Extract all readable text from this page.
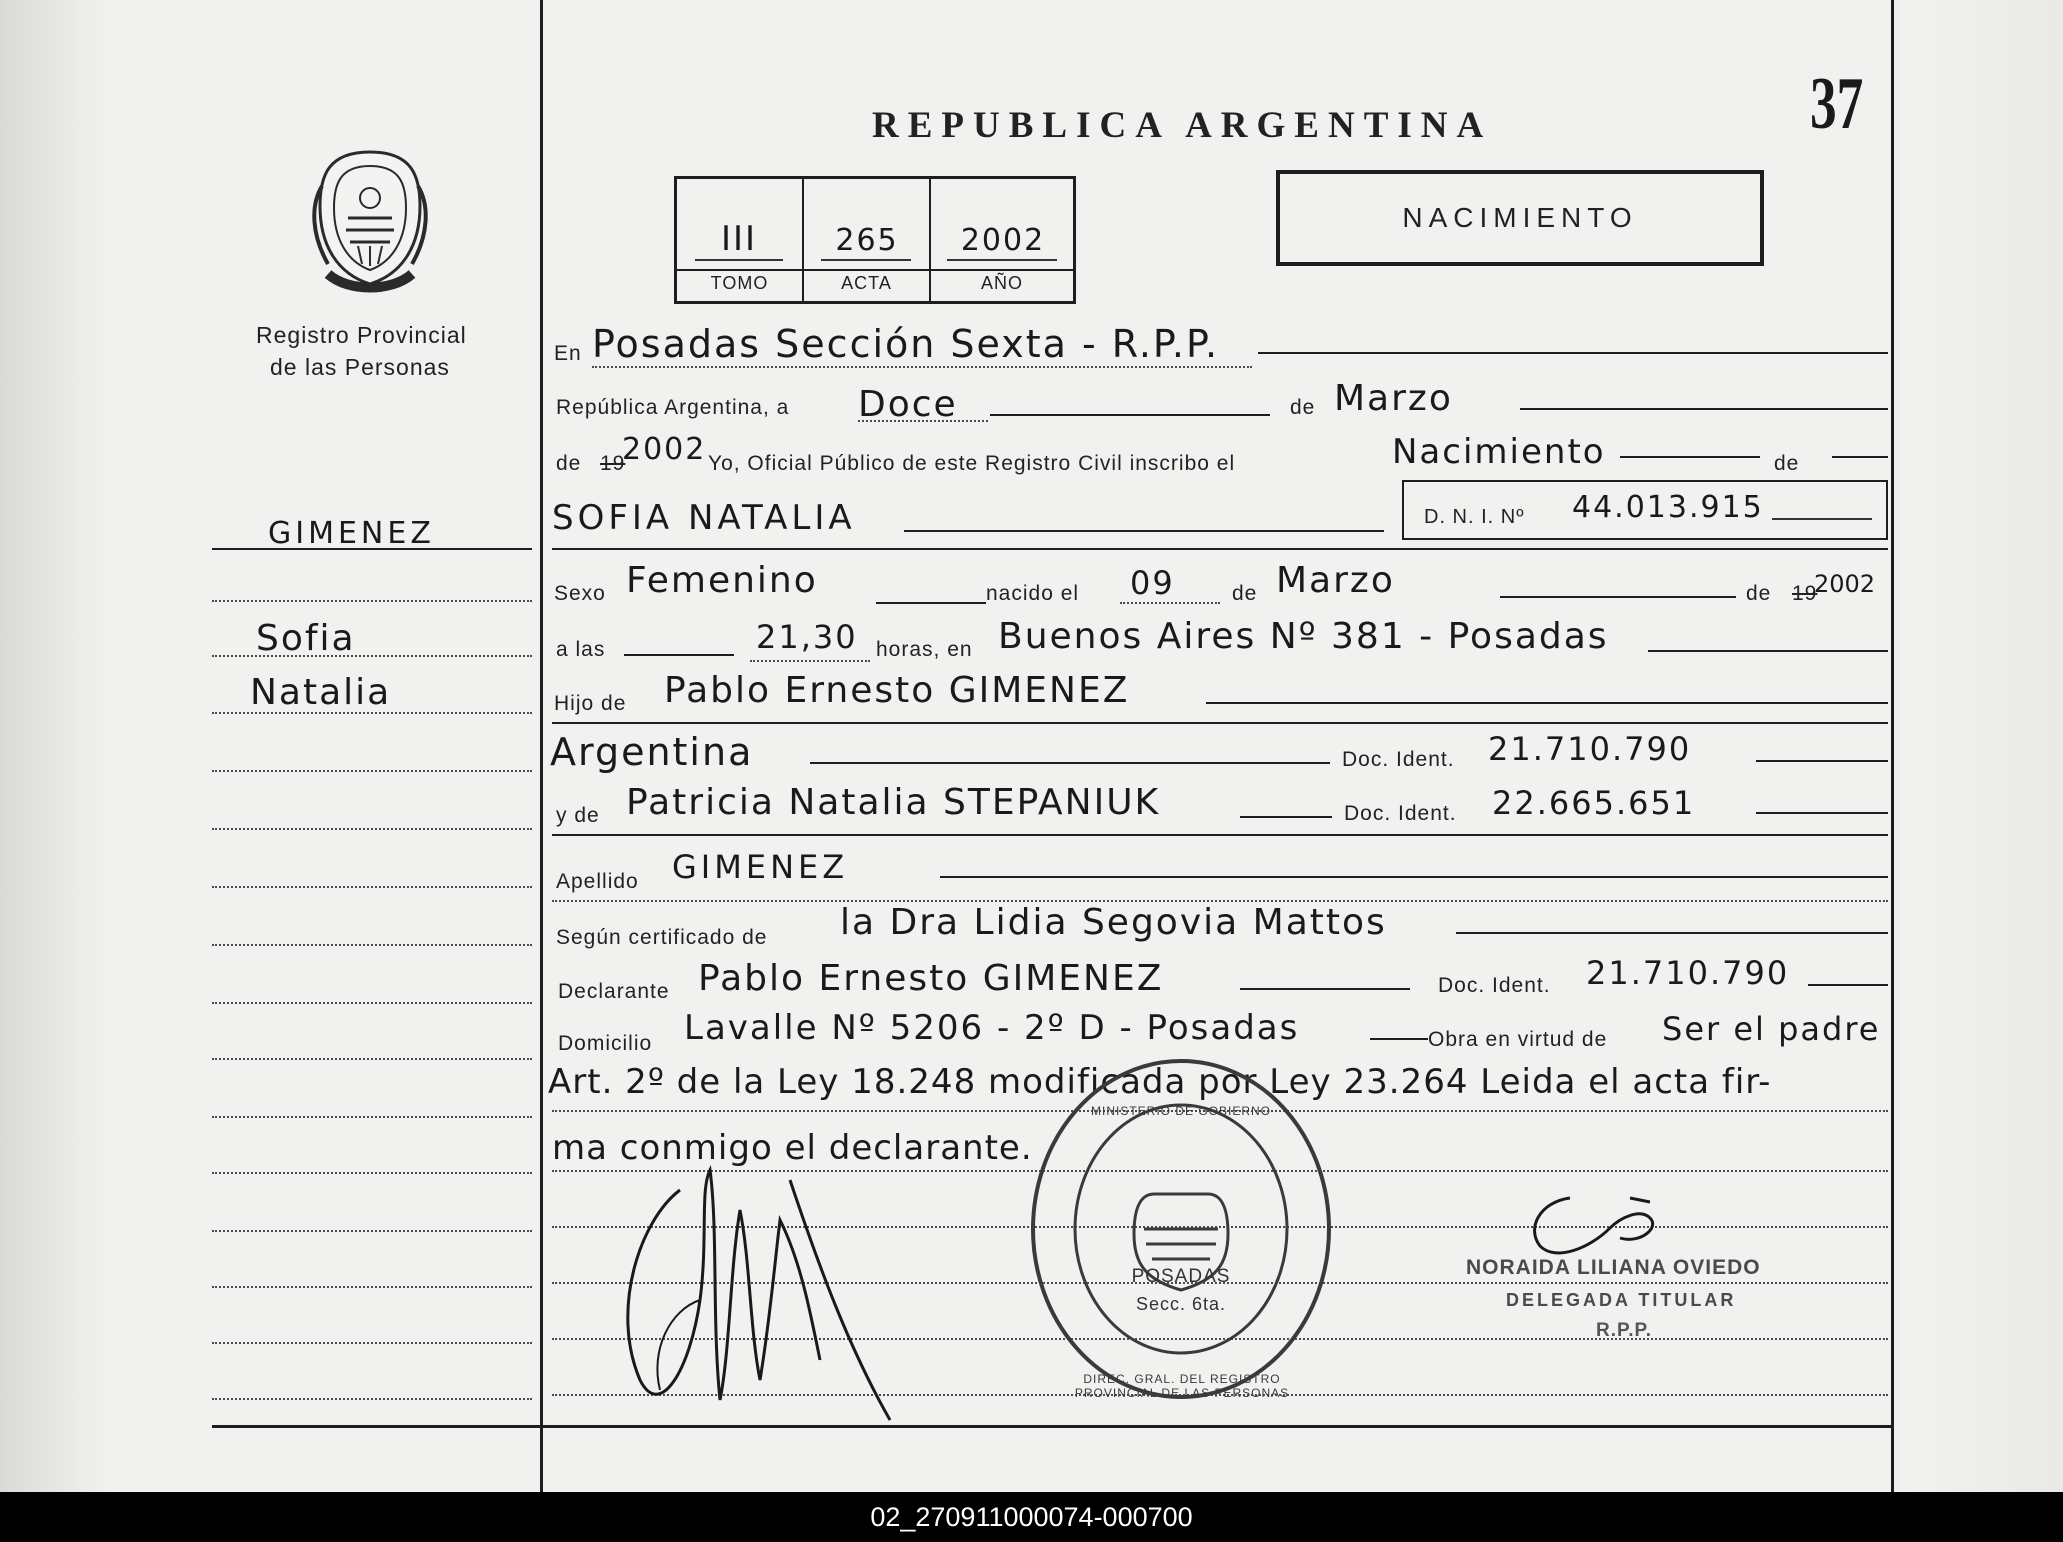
Registro Provincial
de las Personas
REPUBLICA ARGENTINA	37
III	265	2002
TOMO	ACTA	AÑO
NACIMIENTO
GIMENEZ
Sofia
Natalia
En Posadas Sección Sexta - R.P.P.
República Argentina, a Doce	de Marzo
de 19
2002 Yo, Oficial Público de este Registro Civil inscribo el	Nacimiento	de
SOFIA NATALIA	D. N. I. Nº 44.013.915
Sexo Femenino	nacido el 09	de Marzo	de 19
2002
a las	21,30 horas, en Buenos Aires Nº 381 - Posadas
Hijo de Pablo Ernesto GIMENEZ
Argentina	Doc. Ident. 21.710.790
y de Patricia Natalia STEPANIUK	Doc. Ident. 22.665.651
Apellido GIMENEZ
Según certificado de la Dra Lidia Segovia Mattos
Declarante Pablo Ernesto GIMENEZ	Doc. Ident. 21.710.790
Domicilio Lavalle Nº 5206 - 2º D - Posadas	Obra en virtud de Ser el padre
Art. 2º de la Ley 18.248 modificada por Ley 23.264 Leida el acta fir-
ma conmigo el declarante.
POSADAS
Secc. 6ta.
DIREC. GRAL. DEL REGISTRO PROVINCIAL DE LAS PERSONAS
MINISTERIO DE GOBIERNO
NORAIDA LILIANA OVIEDO
DELEGADA TITULAR
R.P.P.
02_270911000074-000700
